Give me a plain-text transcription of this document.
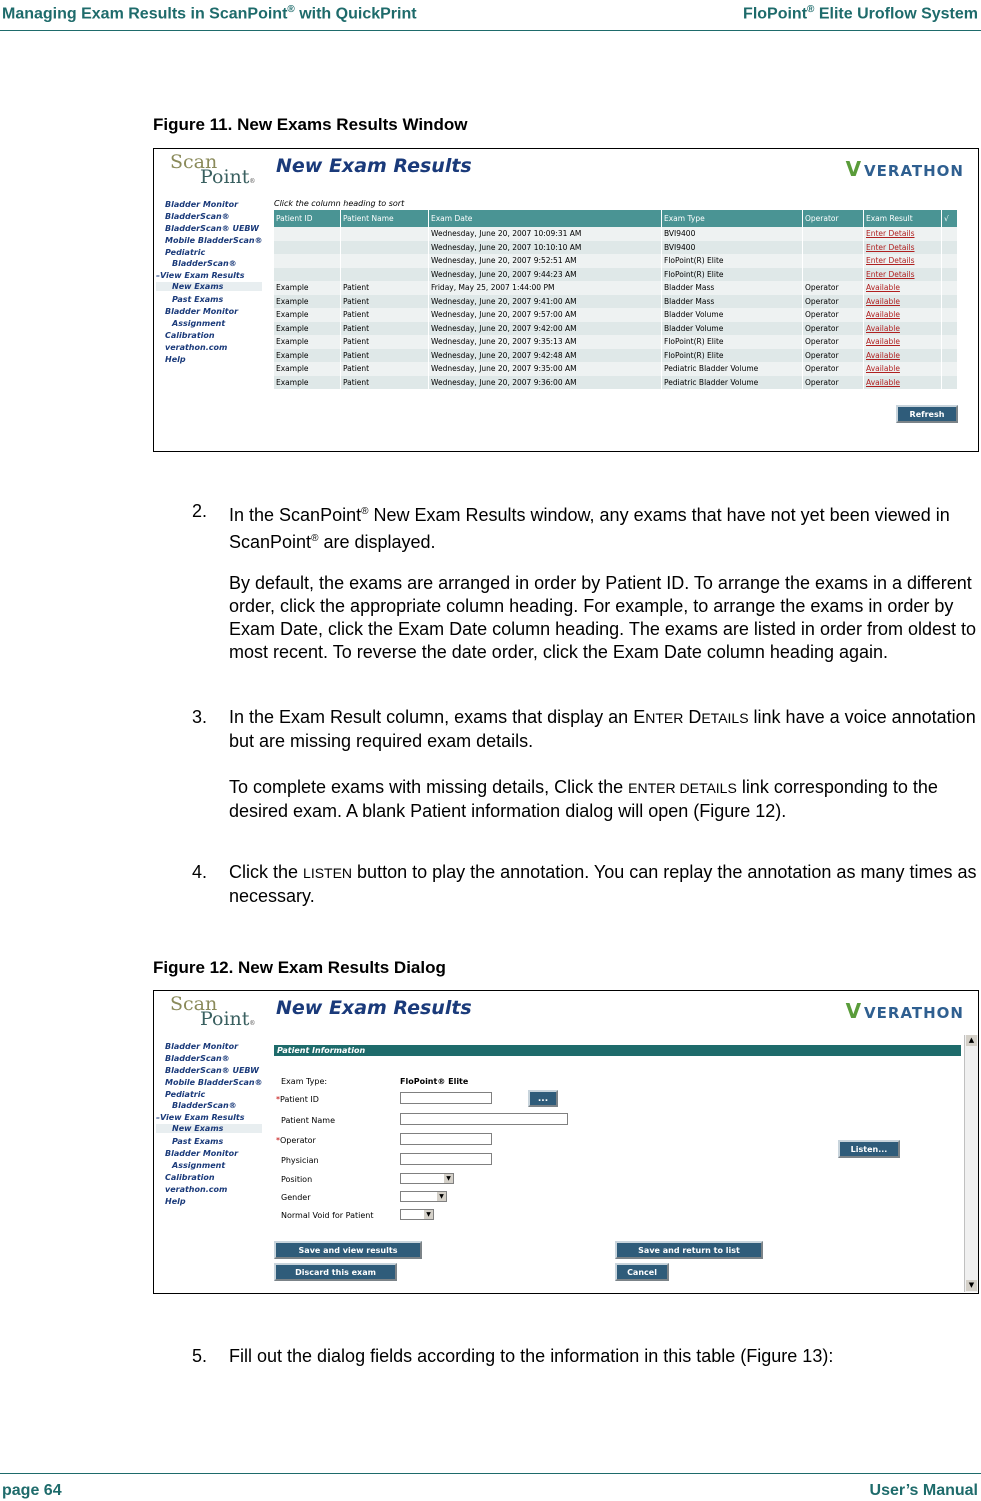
Managing Exam Results in ScanPoint® with QuickPrint	FloPoint® Elite Uroflow System
Figure 11. New Exams Results Window
Scan
Point®
New Exam Results	V VERATHON
Bladder Monitor
BladderScan®
BladderScan® UEBW
Mobile BladderScan®
Pediatric
BladderScan®
–View Exam Results
New Exams
Past Exams
Bladder Monitor
Assignment
Calibration
verathon.com
Help
Click the column heading to sort
Patient ID	Patient Name	Exam Date	Exam Type	Operator	Exam Result	√
		Wednesday, June 20, 2007 10:09:31 AM	BVI9400		Enter Details	
		Wednesday, June 20, 2007 10:10:10 AM	BVI9400		Enter Details	
		Wednesday, June 20, 2007 9:52:51 AM	FloPoint(R) Elite		Enter Details	
		Wednesday, June 20, 2007 9:44:23 AM	FloPoint(R) Elite		Enter Details	
Example	Patient	Friday, May 25, 2007 1:44:00 PM	Bladder Mass	Operator	Available	
Example	Patient	Wednesday, June 20, 2007 9:41:00 AM	Bladder Mass	Operator	Available	
Example	Patient	Wednesday, June 20, 2007 9:57:00 AM	Bladder Volume	Operator	Available	
Example	Patient	Wednesday, June 20, 2007 9:42:00 AM	Bladder Volume	Operator	Available	
Example	Patient	Wednesday, June 20, 2007 9:35:13 AM	FloPoint(R) Elite	Operator	Available	
Example	Patient	Wednesday, June 20, 2007 9:42:48 AM	FloPoint(R) Elite	Operator	Available	
Example	Patient	Wednesday, June 20, 2007 9:35:00 AM	Pediatric Bladder Volume	Operator	Available	
Example	Patient	Wednesday, June 20, 2007 9:36:00 AM	Pediatric Bladder Volume	Operator	Available	
Refresh
2. In the ScanPoint® New Exam Results window, any exams that have not yet been viewed in ScanPoint® are displayed.
By default, the exams are arranged in order by Patient ID. To arrange the exams in a different order, click the appropriate column heading. For example, to arrange the exams in order by Exam Date, click the Exam Date column heading. The exams are listed in order from oldest to most recent. To reverse the date order, click the Exam Date column heading again.
3. In the Exam Result column, exams that display an ENTER DETAILS link have a voice annotation but are missing required exam details.
To complete exams with missing details, Click the ENTER DETAILS link corresponding to the desired exam. A blank Patient information dialog will open (Figure 12).
4. Click the LISTEN button to play the annotation. You can replay the annotation as many times as necessary.
Figure 12. New Exam Results Dialog
Scan
Point®
New Exam Results	V VERATHON
Bladder Monitor
BladderScan®
BladderScan® UEBW
Mobile BladderScan®
Pediatric
BladderScan®
–View Exam Results
New Exams
Past Exams
Bladder Monitor
Assignment
Calibration
verathon.com
Help
Patient Information
Exam Type:	FloPoint® Elite
*Patient ID	...
Patient Name
*Operator
Physician
Position	▼
Gender	▼
Normal Void for Patient	▼
Listen...
Save and view results	Save and return to list
Discard this exam	Cancel
▲
▼
5. Fill out the dialog fields according to the information in this table (Figure 13):
page 64	User’s Manual
